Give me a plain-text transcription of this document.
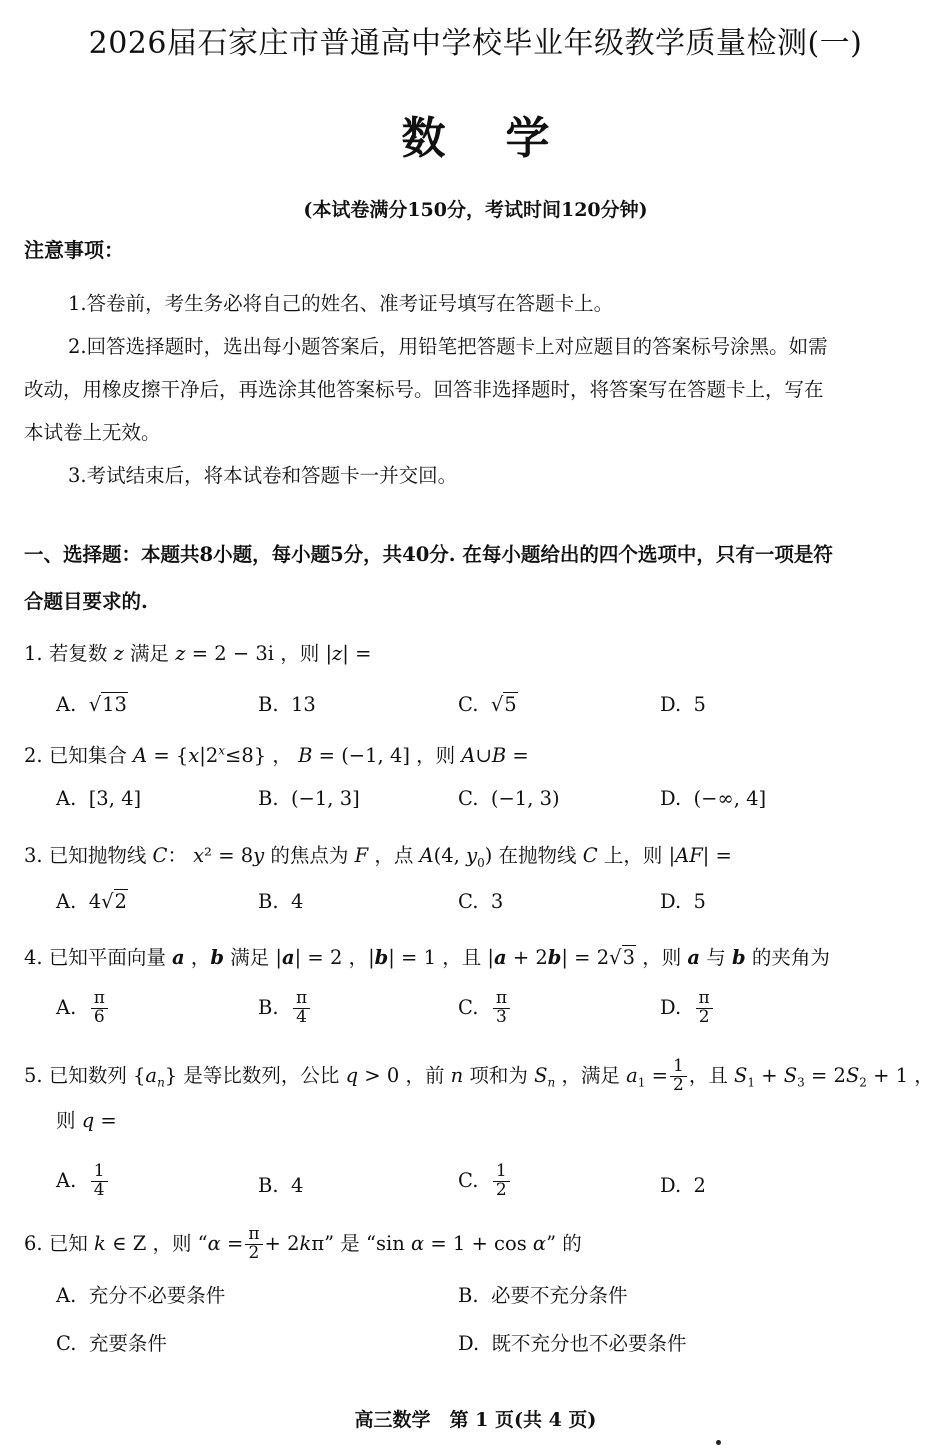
2026届石家庄市普通高中学校毕业年级教学质量检测(一)
数学
(本试卷满分150分，考试时间120分钟)
注意事项：
1.答卷前，考生务必将自己的姓名、准考证号填写在答题卡上。
2.回答选择题时，选出每小题答案后，用铅笔把答题卡上对应题目的答案标号涂黑。如需
改动，用橡皮擦干净后，再选涂其他答案标号。回答非选择题时，将答案写在答题卡上，写在
本试卷上无效。
3.考试结束后，将本试卷和答题卡一并交回。
一、选择题：本题共8小题，每小题5分，共40分. 在每小题给出的四个选项中，只有一项是符
合题目要求的.
1. 若复数 z 满足 z = 2 − 3i ，则 |z| =
A. √13	B. 13	C. √5	D. 5
2. 已知集合 $A = \{x|2^x\le 8\}$ ， B = (−1, 4] ，则 A∪B =
A. [3, 4]	B. (−1, 3]	C. (−1, 3)	D. (−∞, 4]
3. 已知抛物线 C： x² = 8y 的焦点为 F ，点 A(4, $y_0$) 在抛物线 C 上，则 |AF| =
A. 4√2	B. 4	C. 3	D. 5
4. 已知平面向量 a ，b 满足 |a| = 2 ，|b| = 1 ，且 |a + 2b| = 2√3 ，则 a 与 b 的夹角为
A. $\frac{\pi}{6}$	B. $\frac{\pi}{4}$	C. $\frac{\pi}{3}$	D. $\frac{\pi}{2}$
5. 已知数列 $\{a_n\}$ 是等比数列，公比 q > 0 ，前 n 项和为 $S_n$ ，满足 $a_1 = \frac{1}{2}$ ，且 $S_1 + S_3 = 2S_2 + 1$ ，
则 q =
A. $\frac{1}{4}$	B. 4	C. $\frac{1}{2}$	D. 2
6. 已知 k ∈ Z ，则 “$\alpha = \frac{\pi}{2} + 2k\pi$” 是 “sin α = 1 + cos α” 的
A. 充分不必要条件	B. 必要不充分条件
C. 充要条件	D. 既不充分也不必要条件
高三数学　第 1 页(共 4 页)
